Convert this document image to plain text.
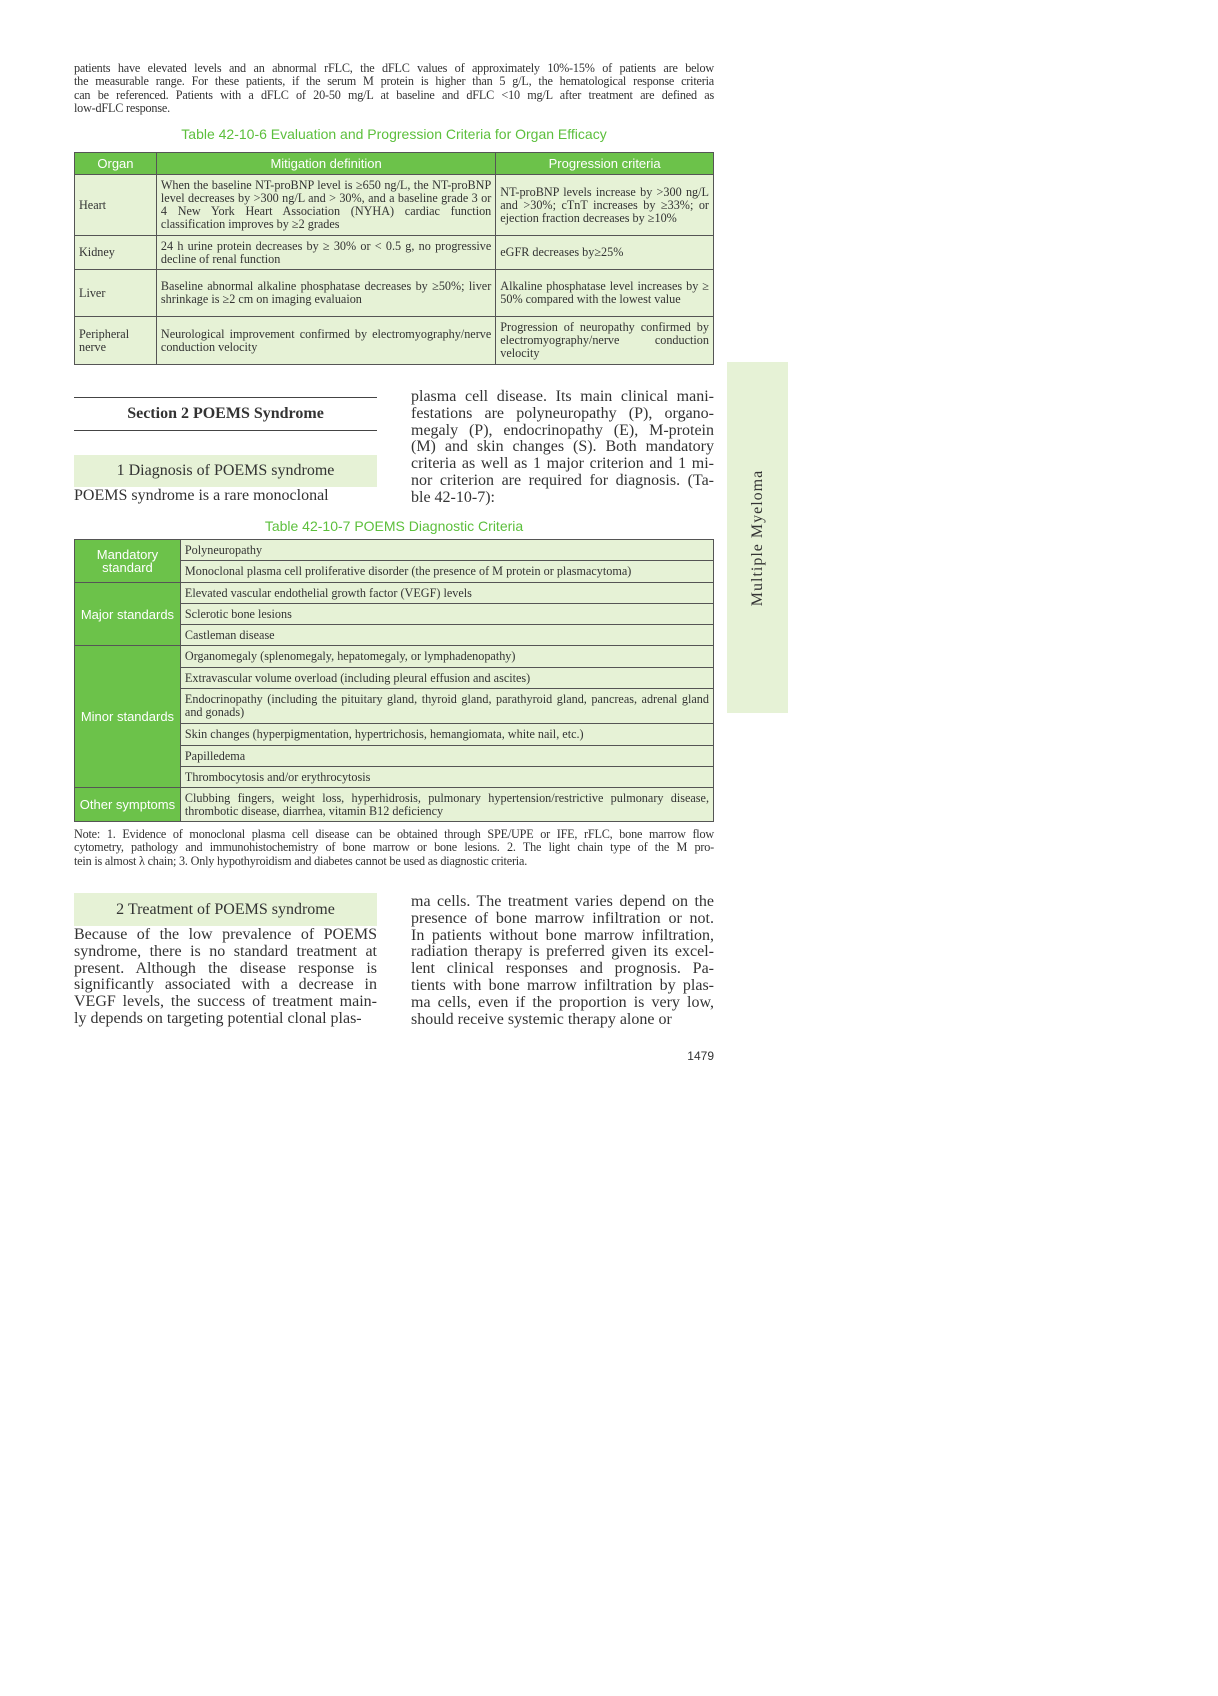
patients have elevated levels and an abnormal rFLC, the dFLC values of approximately 10%-15% of patients are below
the measurable range. For these patients, if the serum M protein is higher than 5 g/L, the hematological response criteria
can be referenced. Patients with a dFLC of 20-50 mg/L at baseline and dFLC <10 mg/L after treatment are defined as
low-dFLC response.
Table 42-10-6 Evaluation and Progression Criteria for Organ Efficacy
Organ	Mitigation definition	Progression criteria
Heart	When the baseline NT-proBNP level is ≥650 ng/L, the NT-proBNP level decreases by >300 ng/L and > 30%, and a baseline grade 3 or 4 New York Heart Association (NYHA) cardiac function classification improves by ≥2 grades	NT-proBNP levels increase by >300 ng/L and >30%; cTnT increases by ≥33%; or ejection fraction decreases by ≥10%
Kidney	24 h urine protein decreases by ≥ 30% or < 0.5 g, no progressive decline of renal function	eGFR decreases by≥25%
Liver	Baseline abnormal alkaline phosphatase decreases by ≥50%; liver shrinkage is ≥2 cm on imaging evaluaion	Alkaline phosphatase level increases by ≥ 50% compared with the lowest value
Peripheral nerve	Neurological improvement confirmed by electromyography/nerve conduction velocity	Progression of neuropathy confirmed by electromyography/nerve conduction velocity
Multiple Myeloma
Section 2 POEMS Syndrome
1 Diagnosis of POEMS syndrome
POEMS syndrome is a rare monoclonal
plasma cell disease. Its main clinical mani-
festations are polyneuropathy (P), organo-
megaly (P), endocrinopathy (E), M-protein
(M) and skin changes (S). Both mandatory
criteria as well as 1 major criterion and 1 mi-
nor criterion are required for diagnosis. (Ta-
ble 42-10-7):
Table 42-10-7 POEMS Diagnostic Criteria
Mandatory standard	Polyneuropathy
	Monoclonal plasma cell proliferative disorder (the presence of M protein or plasmacytoma)
Major standards	Elevated vascular endothelial growth factor (VEGF) levels
	Sclerotic bone lesions
	Castleman disease
Minor standards	Organomegaly (splenomegaly, hepatomegaly, or lymphadenopathy)
	Extravascular volume overload (including pleural effusion and ascites)
	Endocrinopathy (including the pituitary gland, thyroid gland, parathyroid gland, pancreas, adrenal gland and gonads)
	Skin changes (hyperpigmentation, hypertrichosis, hemangiomata, white nail, etc.)
	Papilledema
	Thrombocytosis and/or erythrocytosis
Other symptoms	Clubbing fingers, weight loss, hyperhidrosis, pulmonary hypertension/restrictive pulmonary disease, thrombotic disease, diarrhea, vitamin B12 deficiency
Note: 1. Evidence of monoclonal plasma cell disease can be obtained through SPE/UPE or IFE, rFLC, bone marrow flow
cytometry, pathology and immunohistochemistry of bone marrow or bone lesions. 2. The light chain type of the M pro-
tein is almost λ chain; 3. Only hypothyroidism and diabetes cannot be used as diagnostic criteria.
2 Treatment of POEMS syndrome
Because of the low prevalence of POEMS
syndrome, there is no standard treatment at
present. Although the disease response is
significantly associated with a decrease in
VEGF levels, the success of treatment main-
ly depends on targeting potential clonal plas-
ma cells. The treatment varies depend on the
presence of bone marrow infiltration or not.
In patients without bone marrow infiltration,
radiation therapy is preferred given its excel-
lent clinical responses and prognosis. Pa-
tients with bone marrow infiltration by plas-
ma cells, even if the proportion is very low,
should receive systemic therapy alone or
1479
